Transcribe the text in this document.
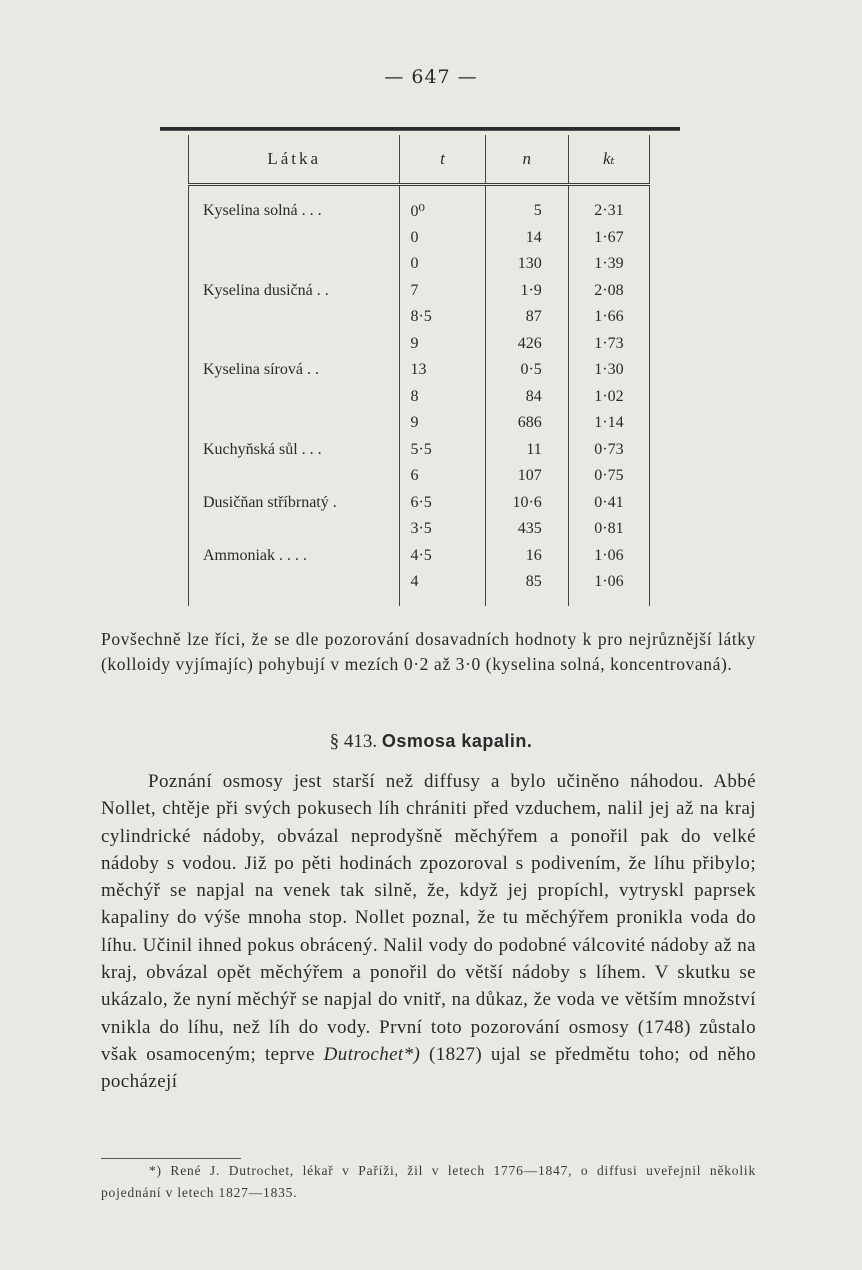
— 647 —
Látka	t	n	kₜ
Kyselina solná . . .	0⁰	5	2·31
	0	14	1·67
	0	130	1·39
Kyselina dusičná . .	7	1·9	2·08
	8·5	87	1·66
	9	426	1·73
Kyselina sírová . .	13	0·5	1·30
	8	84	1·02
	9	686	1·14
Kuchyňská sůl . . .	5·5	11	0·73
	6	107	0·75
Dusičňan stříbrnatý .	6·5	10·6	0·41
	3·5	435	0·81
Ammoniak . . . .	4·5	16	1·06
	4	85	1·06

Povšechně lze říci, že se dle pozorování dosavadních hodnoty k pro nejrůznější látky (kolloidy vyjímajíc) pohybují v mezích 0·2 až 3·0 (kyselina solná, koncentrovaná).
§ 413. Osmosa kapalin.
Poznání osmosy jest starší než diffusy a bylo učiněno náhodou. Abbé Nollet, chtěje při svých pokusech líh chrániti před vzduchem, nalil jej až na kraj cylindrické nádoby, obvázal neprodyšně měchýřem a ponořil pak do velké nádoby s vodou. Již po pěti hodinách zpozoroval s podivením, že líhu přibylo; měchýř se napjal na venek tak silně, že, když jej propíchl, vytryskl paprsek kapaliny do výše mnoha stop. Nollet poznal, že tu měchýřem pronikla voda do líhu. Učinil ihned pokus obrácený. Nalil vody do podobné válcovité nádoby až na kraj, obvázal opět měchýřem a ponořil do větší nádoby s líhem. V skutku se ukázalo, že nyní měchýř se napjal do vnitř, na důkaz, že voda ve větším množství vnikla do líhu, než líh do vody. První toto pozorování osmosy (1748) zůstalo však osamoceným; teprve Dutrochet*) (1827) ujal se předmětu toho; od něho pocházejí
*) René J. Dutrochet, lékař v Paříži, žil v letech 1776—1847, o diffusi uveřejnil několik pojednání v letech 1827—1835.
